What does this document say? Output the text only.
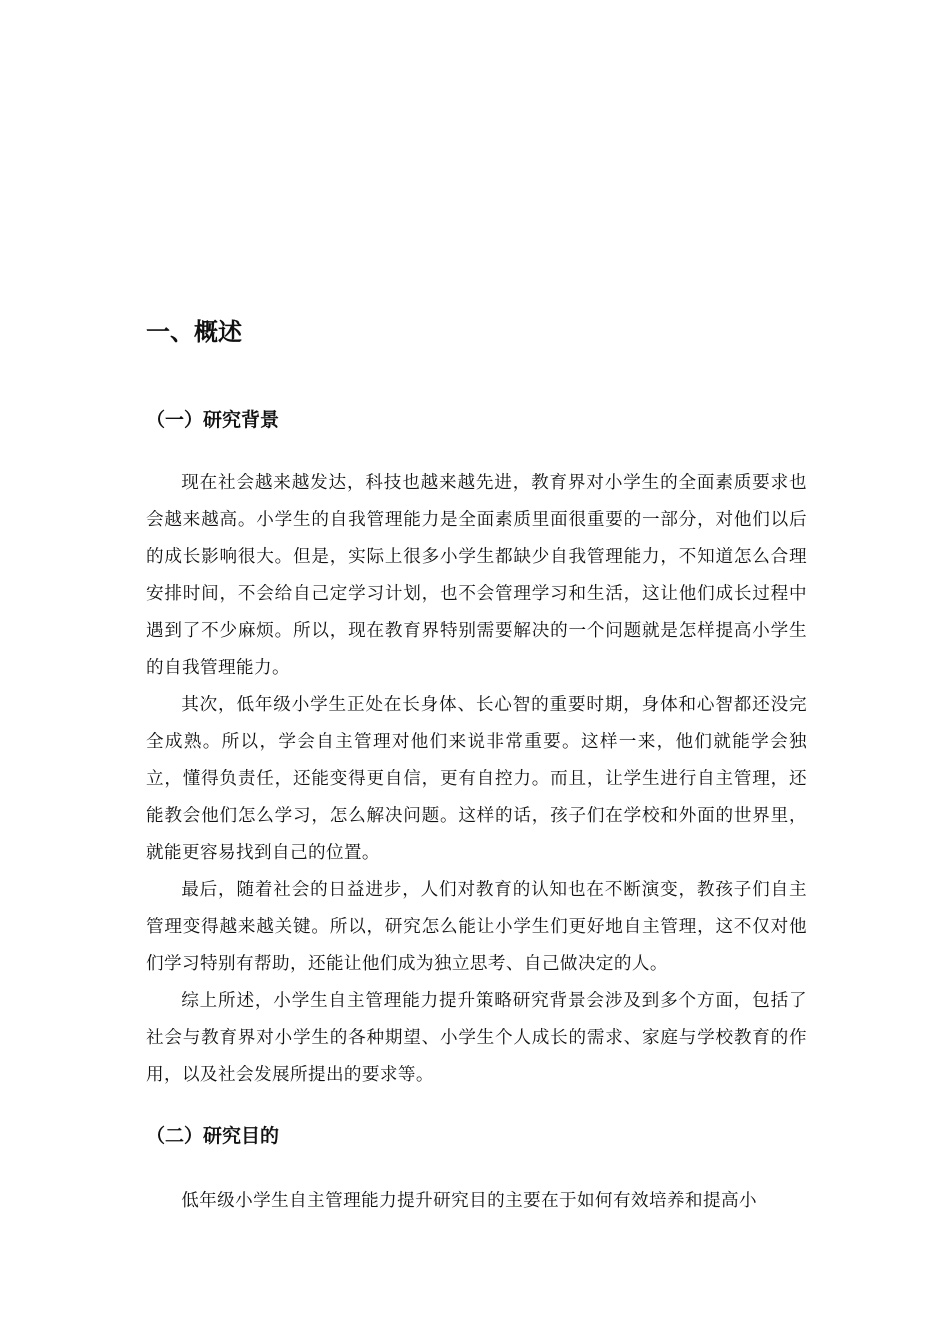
一、概述
（一）研究背景

现在社会越来越发达，科技也越来越先进，教育界对小学生的全面素质要求也会越来越高。小学生的自我管理能力是全面素质里面很重要的一部分，对他们以后的成长影响很大。但是，实际上很多小学生都缺少自我管理能力，不知道怎么合理安排时间，不会给自己定学习计划，也不会管理学习和生活，这让他们成长过程中遇到了不少麻烦。所以，现在教育界特别需要解决的一个问题就是怎样提高小学生的自我管理能力。

其次，低年级小学生正处在长身体、长心智的重要时期，身体和心智都还没完全成熟。所以，学会自主管理对他们来说非常重要。这样一来，他们就能学会独立，懂得负责任，还能变得更自信，更有自控力。而且，让学生进行自主管理，还能教会他们怎么学习，怎么解决问题。这样的话，孩子们在学校和外面的世界里，就能更容易找到自己的位置。

最后，随着社会的日益进步，人们对教育的认知也在不断演变，教孩子们自主管理变得越来越关键。所以，研究怎么能让小学生们更好地自主管理，这不仅对他们学习特别有帮助，还能让他们成为独立思考、自己做决定的人。

综上所述，小学生自主管理能力提升策略研究背景会涉及到多个方面，包括了社会与教育界对小学生的各种期望、小学生个人成长的需求、家庭与学校教育的作用，以及社会发展所提出的要求等。

（二）研究目的

低年级小学生自主管理能力提升研究目的主要在于如何有效培养和提高小
